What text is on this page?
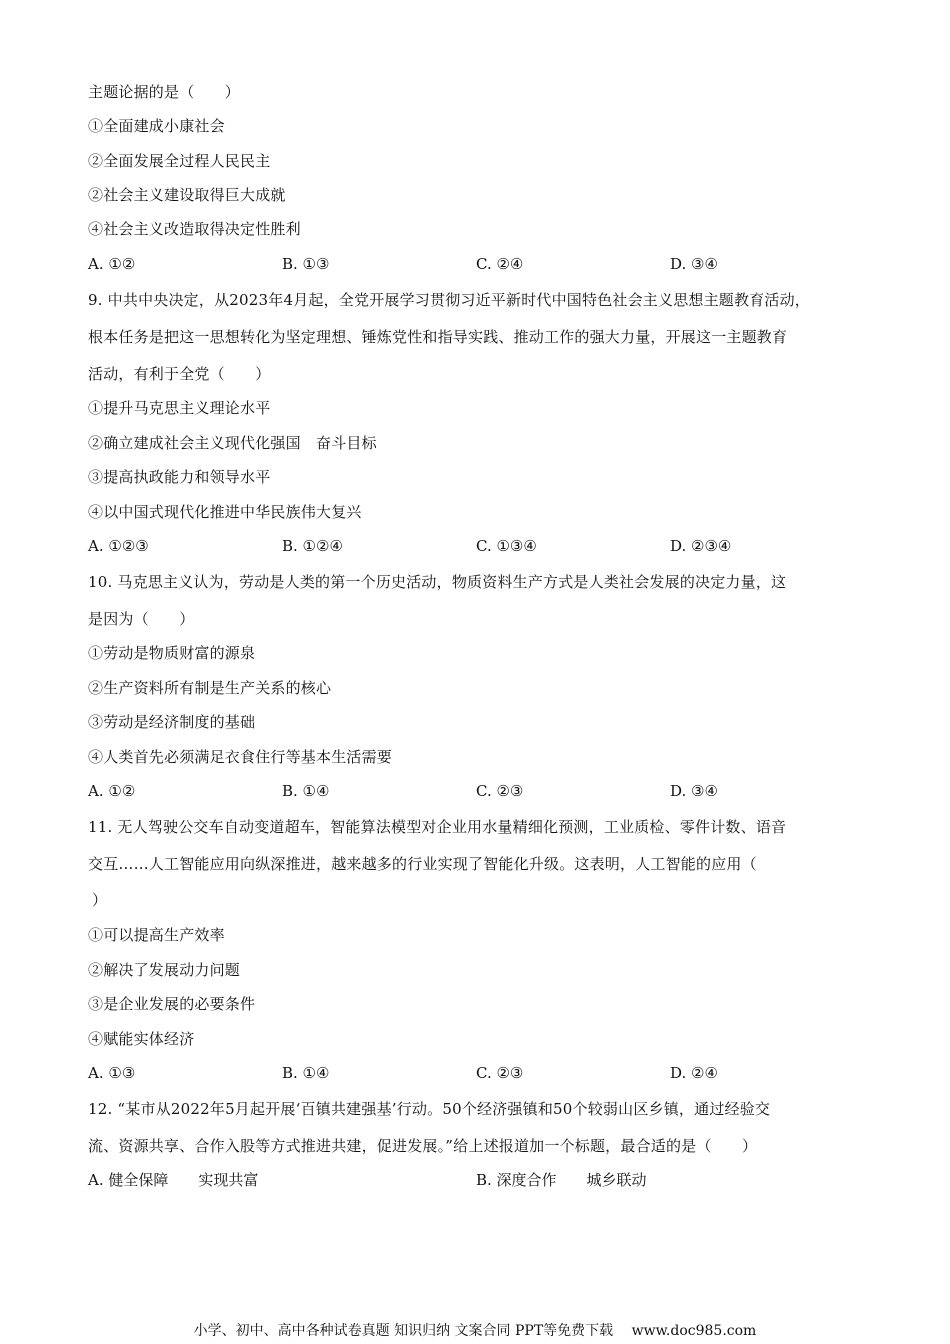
主题论据的是（　　）
①全面建成小康社会
②全面发展全过程人民民主
②社会主义建设取得巨大成就
④社会主义改造取得决定性胜利
A. ①②	B. ①③	C. ②④	D. ③④
9. 中共中央决定，从2023年4月起，全党开展学习贯彻习近平新时代中国特色社会主义思想主题教育活动，
根本任务是把这一思想转化为坚定理想、锤炼党性和指导实践、推动工作的强大力量，开展这一主题教育
活动，有利于全党（　　）
①提升马克思主义理论水平
②确立建成社会主义现代化强国　奋斗目标
③提高执政能力和领导水平
④以中国式现代化推进中华民族伟大复兴
A. ①②③	B. ①②④	C. ①③④	D. ②③④
10. 马克思主义认为，劳动是人类的第一个历史活动，物质资料生产方式是人类社会发展的决定力量，这
是因为（　　）
①劳动是物质财富的源泉
②生产资料所有制是生产关系的核心
③劳动是经济制度的基础
④人类首先必须满足衣食住行等基本生活需要
A. ①②	B. ①④	C. ②③	D. ③④
11. 无人驾驶公交车自动变道超车，智能算法模型对企业用水量精细化预测，工业质检、零件计数、语音
交互……人工智能应用向纵深推进，越来越多的行业实现了智能化升级。这表明，人工智能的应用（
）
①可以提高生产效率
②解决了发展动力问题
③是企业发展的必要条件
④赋能实体经济
A. ①③	B. ①④	C. ②③	D. ②④
12. “某市从2022年5月起开展‘百镇共建强基’行动。50个经济强镇和50个较弱山区乡镇，通过经验交
流、资源共享、合作入股等方式推进共建，促进发展。”给上述报道加一个标题，最合适的是（　　）
A. 健全保障　　实现共富	B. 深度合作　　城乡联动
小学、初中、高中各种试卷真题 知识归纳 文案合同 PPT等免费下载　 www.doc985.com
